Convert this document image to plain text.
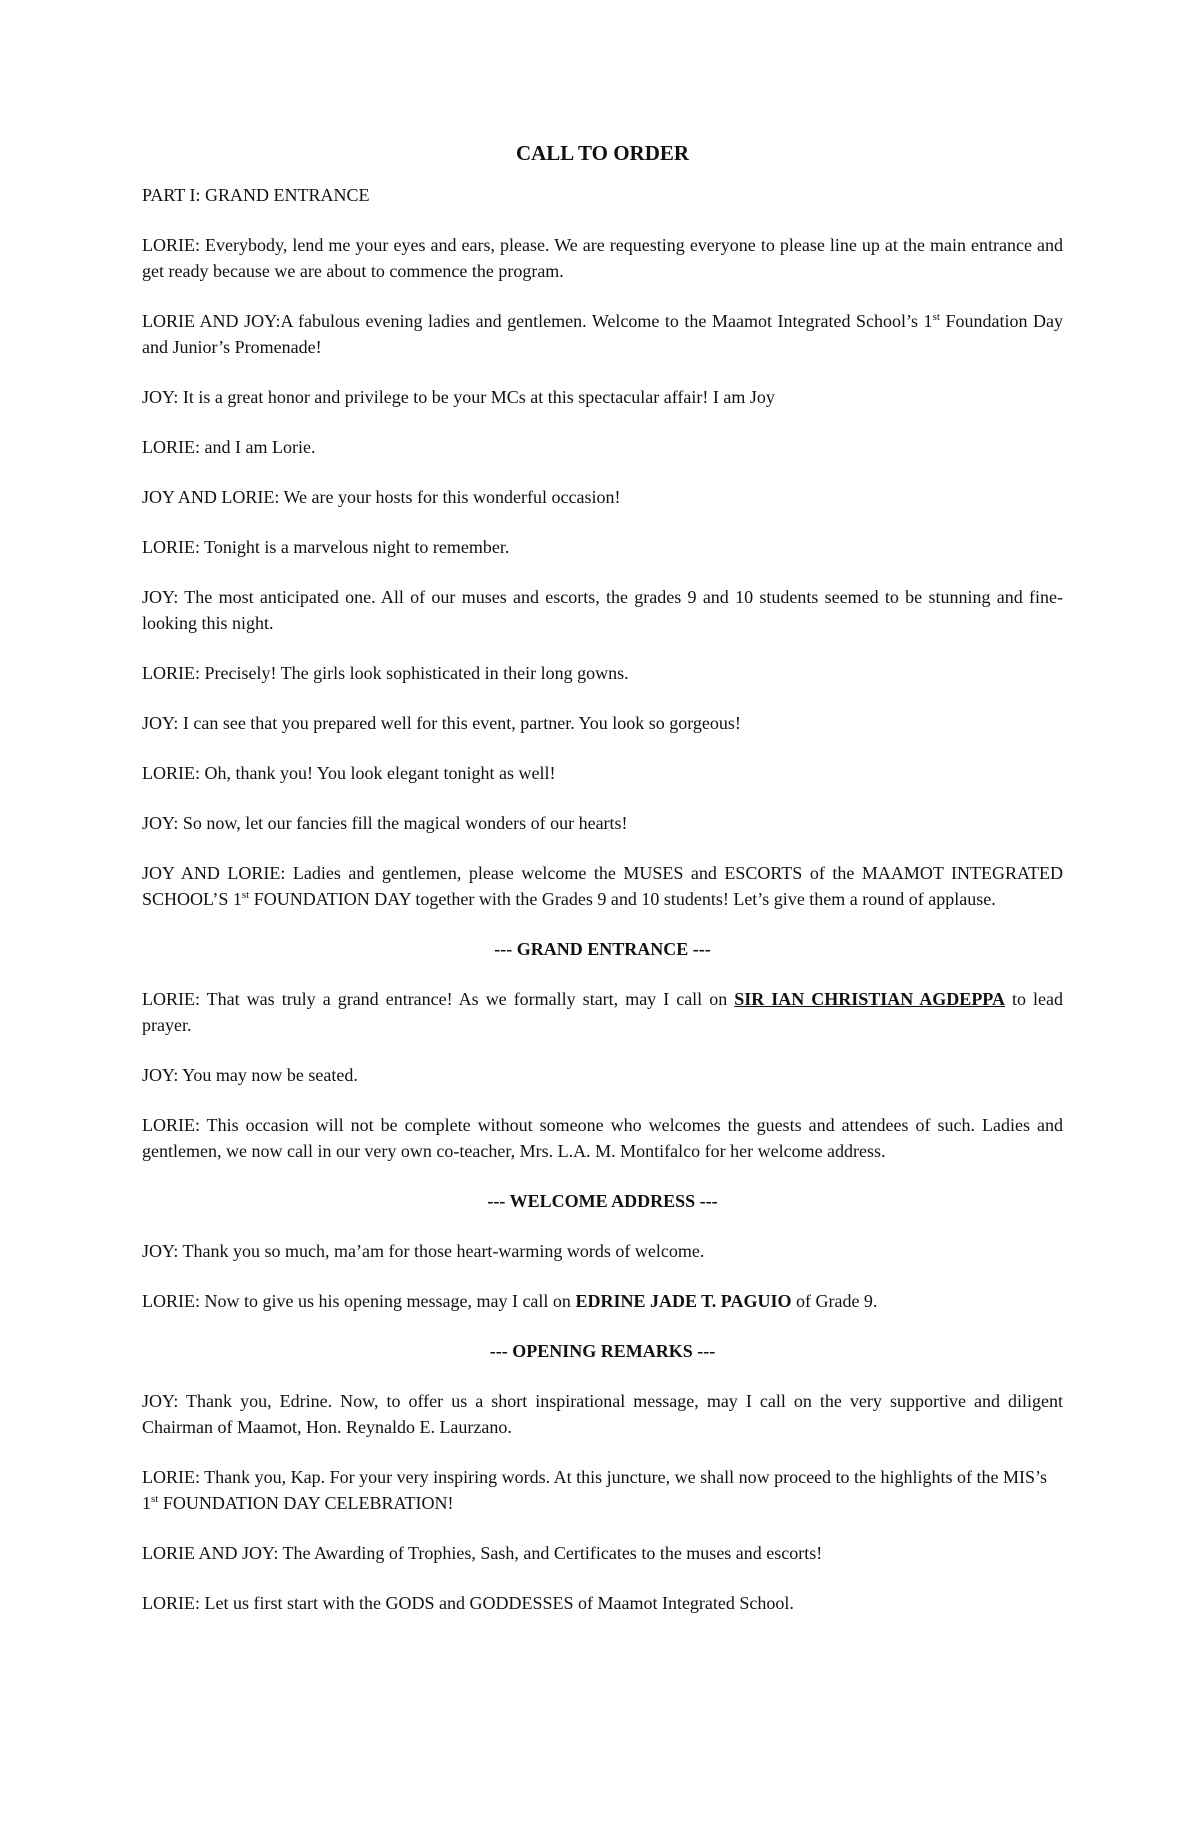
CALL TO ORDER
PART I: GRAND ENTRANCE
LORIE: Everybody, lend me your eyes and ears, please. We are requesting everyone to please line up at the main entrance and get ready because we are about to commence the program.
LORIE AND JOY:A fabulous evening ladies and gentlemen. Welcome to the Maamot Integrated School’s 1st Foundation Day and Junior’s Promenade!
JOY: It is a great honor and privilege to be your MCs at this spectacular affair! I am Joy
LORIE: and I am Lorie.
JOY AND LORIE: We are your hosts for this wonderful occasion!
LORIE: Tonight is a marvelous night to remember.
JOY: The most anticipated one. All of our muses and escorts, the grades 9 and 10 students seemed to be stunning and fine-looking this night.
LORIE: Precisely! The girls look sophisticated in their long gowns.
JOY: I can see that you prepared well for this event, partner. You look so gorgeous!
LORIE: Oh, thank you! You look elegant tonight as well!
JOY: So now, let our fancies fill the magical wonders of our hearts!
JOY AND LORIE: Ladies and gentlemen, please welcome the MUSES and ESCORTS of the MAAMOT INTEGRATED SCHOOL’S 1st FOUNDATION DAY together with the Grades 9 and 10 students! Let’s give them a round of applause.
--- GRAND ENTRANCE ---
LORIE: That was truly a grand entrance! As we formally start, may I call on SIR IAN CHRISTIAN AGDEPPA to lead prayer.
JOY: You may now be seated.
LORIE: This occasion will not be complete without someone who welcomes the guests and attendees of such. Ladies and gentlemen, we now call in our very own co-teacher, Mrs. L.A. M. Montifalco for her welcome address.
--- WELCOME ADDRESS ---
JOY: Thank you so much, ma’am for those heart-warming words of welcome.
LORIE: Now to give us his opening message, may I call on EDRINE JADE T. PAGUIO of Grade 9.
--- OPENING REMARKS ---
JOY: Thank you, Edrine. Now, to offer us a short inspirational message, may I call on the very supportive and diligent Chairman of Maamot, Hon. Reynaldo E. Laurzano.
LORIE: Thank you, Kap. For your very inspiring words. At this juncture, we shall now proceed to the highlights of the MIS’s 1st FOUNDATION DAY CELEBRATION!
LORIE AND JOY: The Awarding of Trophies, Sash, and Certificates to the muses and escorts!
LORIE: Let us first start with the GODS and GODDESSES of Maamot Integrated School.
